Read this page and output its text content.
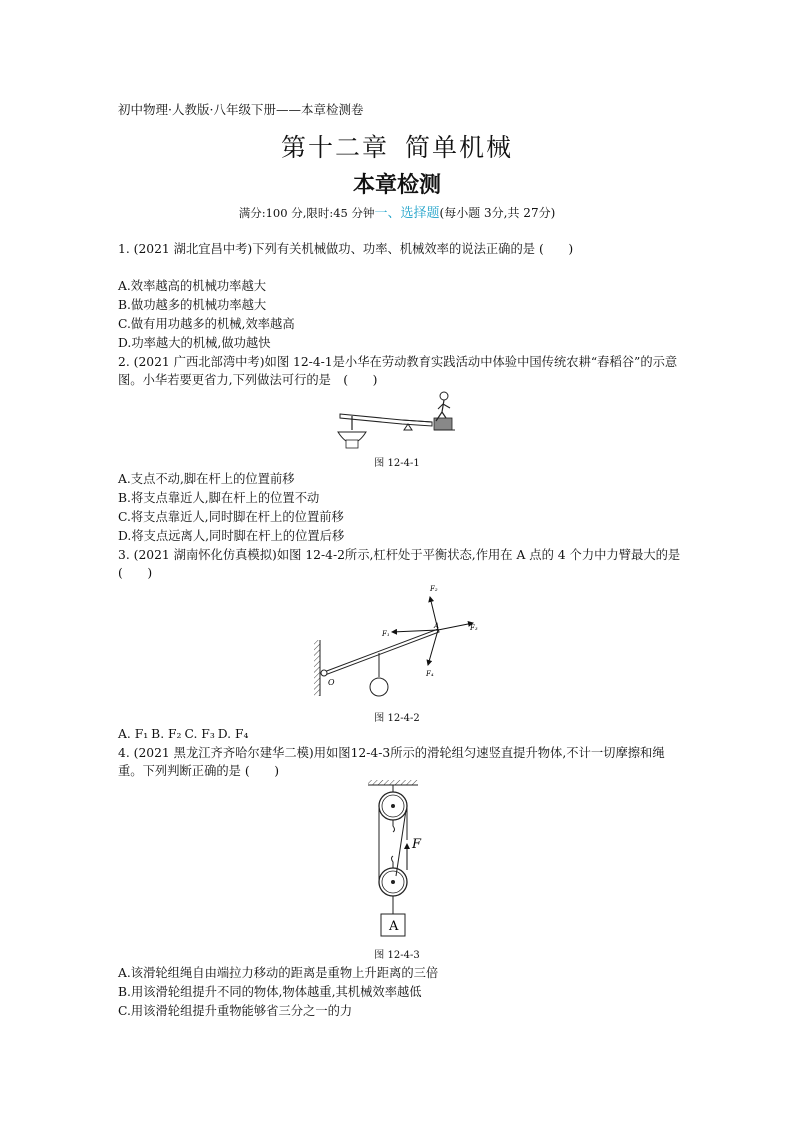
初中物理·人教版·八年级下册——本章检测卷
第十二章 简单机械
本章检测
满分:100 分,限时:45 分钟一、选择题(每小题 3分,共 27分)
1. (2021 湖北宜昌中考)下列有关机械做功、功率、机械效率的说法正确的是 (　　)
A.效率越高的机械功率越大
B.做功越多的机械功率越大
C.做有用功越多的机械,效率越高
D.功率越大的机械,做功越快
2. (2021 广西北部湾中考)如图 12-4-1是小华在劳动教育实践活动中体验中国传统农耕“舂稻谷”的示意图。小华若要更省力,下列做法可行的是　(　　)
图 12-4-1
A.支点不动,脚在杆上的位置前移
B.将支点靠近人,脚在杆上的位置不动
C.将支点靠近人,同时脚在杆上的位置前移
D.将支点远离人,同时脚在杆上的位置后移
3. (2021 湖南怀化仿真模拟)如图 12-4-2所示,杠杆处于平衡状态,作用在 A 点的 4 个力中力臂最大的是 (　　)
F₂
F₁
A	F₃
F₄
O
图 12-4-2
A. F₁ B. F₂ C. F₃ D. F₄
4. (2021 黑龙江齐齐哈尔建华二模)用如图12-4-3所示的滑轮组匀速竖直提升物体,不计一切摩擦和绳重。下列判断正确的是 (　　)
F
A
图 12-4-3
A.该滑轮组绳自由端拉力移动的距离是重物上升距离的三倍
B.用该滑轮组提升不同的物体,物体越重,其机械效率越低
C.用该滑轮组提升重物能够省三分之一的力
